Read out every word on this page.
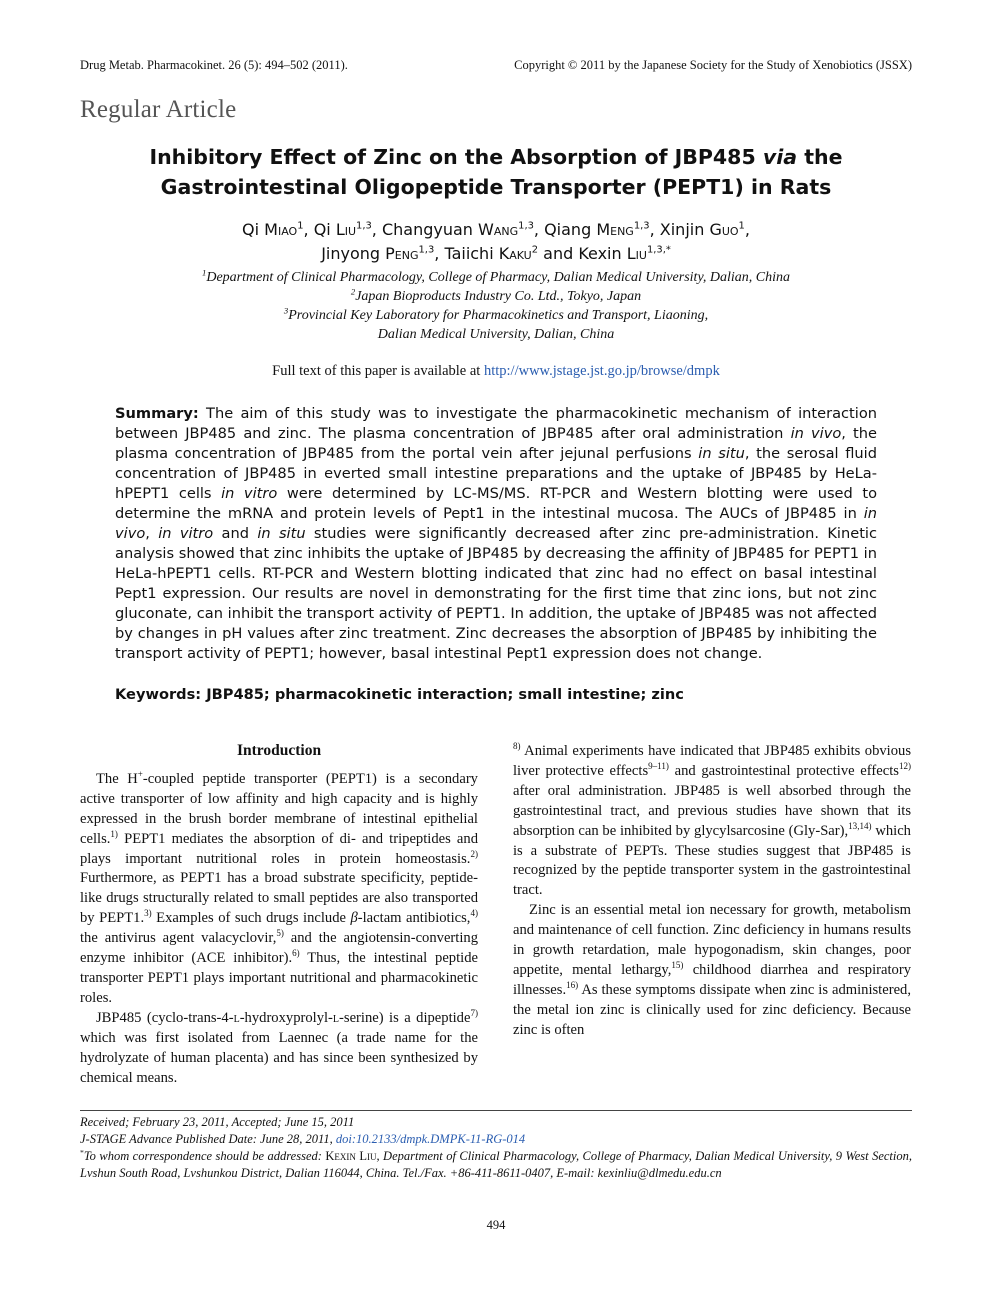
Drug Metab. Pharmacokinet. 26 (5): 494–502 (2011).	Copyright © 2011 by the Japanese Society for the Study of Xenobiotics (JSSX)
Regular Article
Inhibitory Effect of Zinc on the Absorption of JBP485 via the
Gastrointestinal Oligopeptide Transporter (PEPT1) in Rats
Qi Miao$^1$, Qi Liu$^{1,3}$, Changyuan Wang$^{1,3}$, Qiang Meng$^{1,3}$, Xinjin Guo$^1$,
Jinyong Peng$^{1,3}$, Taiichi Kaku$^2$ and Kexin Liu$^{1,3,*}$
$^1$Department of Clinical Pharmacology, College of Pharmacy, Dalian Medical University, Dalian, China
$^2$Japan Bioproducts Industry Co. Ltd., Tokyo, Japan
$^3$Provincial Key Laboratory for Pharmacokinetics and Transport, Liaoning,
Dalian Medical University, Dalian, China
Full text of this paper is available at http://www.jstage.jst.go.jp/browse/dmpk
Summary: The aim of this study was to investigate the pharmacokinetic mechanism of interaction between JBP485 and zinc. The plasma concentration of JBP485 after oral administration in vivo, the plasma concentration of JBP485 from the portal vein after jejunal perfusions in situ, the serosal fluid concentration of JBP485 in everted small intestine preparations and the uptake of JBP485 by HeLa-hPEPT1 cells in vitro were determined by LC-MS/MS. RT-PCR and Western blotting were used to determine the mRNA and protein levels of Pept1 in the intestinal mucosa. The AUCs of JBP485 in in vivo, in vitro and in situ studies were significantly decreased after zinc pre-administration. Kinetic analysis showed that zinc inhibits the uptake of JBP485 by decreasing the affinity of JBP485 for PEPT1 in HeLa-hPEPT1 cells. RT-PCR and Western blotting indicated that zinc had no effect on basal intestinal Pept1 expression. Our results are novel in demonstrating for the first time that zinc ions, but not zinc gluconate, can inhibit the transport activity of PEPT1. In addition, the uptake of JBP485 was not affected by changes in pH values after zinc treatment. Zinc decreases the absorption of JBP485 by inhibiting the transport activity of PEPT1; however, basal intestinal Pept1 expression does not change.
Keywords: JBP485; pharmacokinetic interaction; small intestine; zinc
Introduction

The H+-coupled peptide transporter (PEPT1) is a secondary active transporter of low affinity and high capacity and is highly expressed in the brush border membrane of intestinal epithelial cells.$^{1)}$ PEPT1 mediates the absorption of di- and tripeptides and plays important nutritional roles in protein homeostasis.$^{2)}$ Furthermore, as PEPT1 has a broad substrate specificity, peptide-like drugs structurally related to small peptides are also transported by PEPT1.$^{3)}$ Examples of such drugs include β-lactam antibiotics,$^{4)}$ the antivirus agent valacyclovir,$^{5)}$ and the angiotensin-converting enzyme inhibitor (ACE inhibitor).$^{6)}$ Thus, the intestinal peptide transporter PEPT1 plays important nutritional and pharmacokinetic roles.

JBP485 (cyclo-trans-4-l-hydroxyprolyl-l-serine) is a dipeptide$^{7)}$ which was first isolated from Laennec (a trade name for the hydrolyzate of human placenta) and has since been synthesized by chemical means.

$^{8)}$ Animal experiments have indicated that JBP485 exhibits obvious liver protective effects$^{9-11)}$ and gastrointestinal protective effects$^{12)}$ after oral administration. JBP485 is well absorbed through the gastrointestinal tract, and previous studies have shown that its absorption can be inhibited by glycylsarcosine (Gly-Sar),$^{13,14)}$ which is a substrate of PEPTs. These studies suggest that JBP485 is recognized by the peptide transporter system in the gastrointestinal tract.

Zinc is an essential metal ion necessary for growth, metabolism and maintenance of cell function. Zinc deficiency in humans results in growth retardation, male hypogonadism, skin changes, poor appetite, mental lethargy,$^{15)}$ childhood diarrhea and respiratory illnesses.$^{16)}$ As these symptoms dissipate when zinc is administered, the metal ion zinc is clinically used for zinc deficiency. Because zinc is often

Received; February 23, 2011, Accepted; June 15, 2011
J-STAGE Advance Published Date: June 28, 2011, doi:10.2133/dmpk.DMPK-11-RG-014
*To whom correspondence should be addressed: Kexin Liu, Department of Clinical Pharmacology, College of Pharmacy, Dalian Medical University, 9 West Section, Lvshun South Road, Lvshunkou District, Dalian 116044, China. Tel./Fax. +86-411-8611-0407, E-mail: kexinliu@dlmedu.edu.cn
494
